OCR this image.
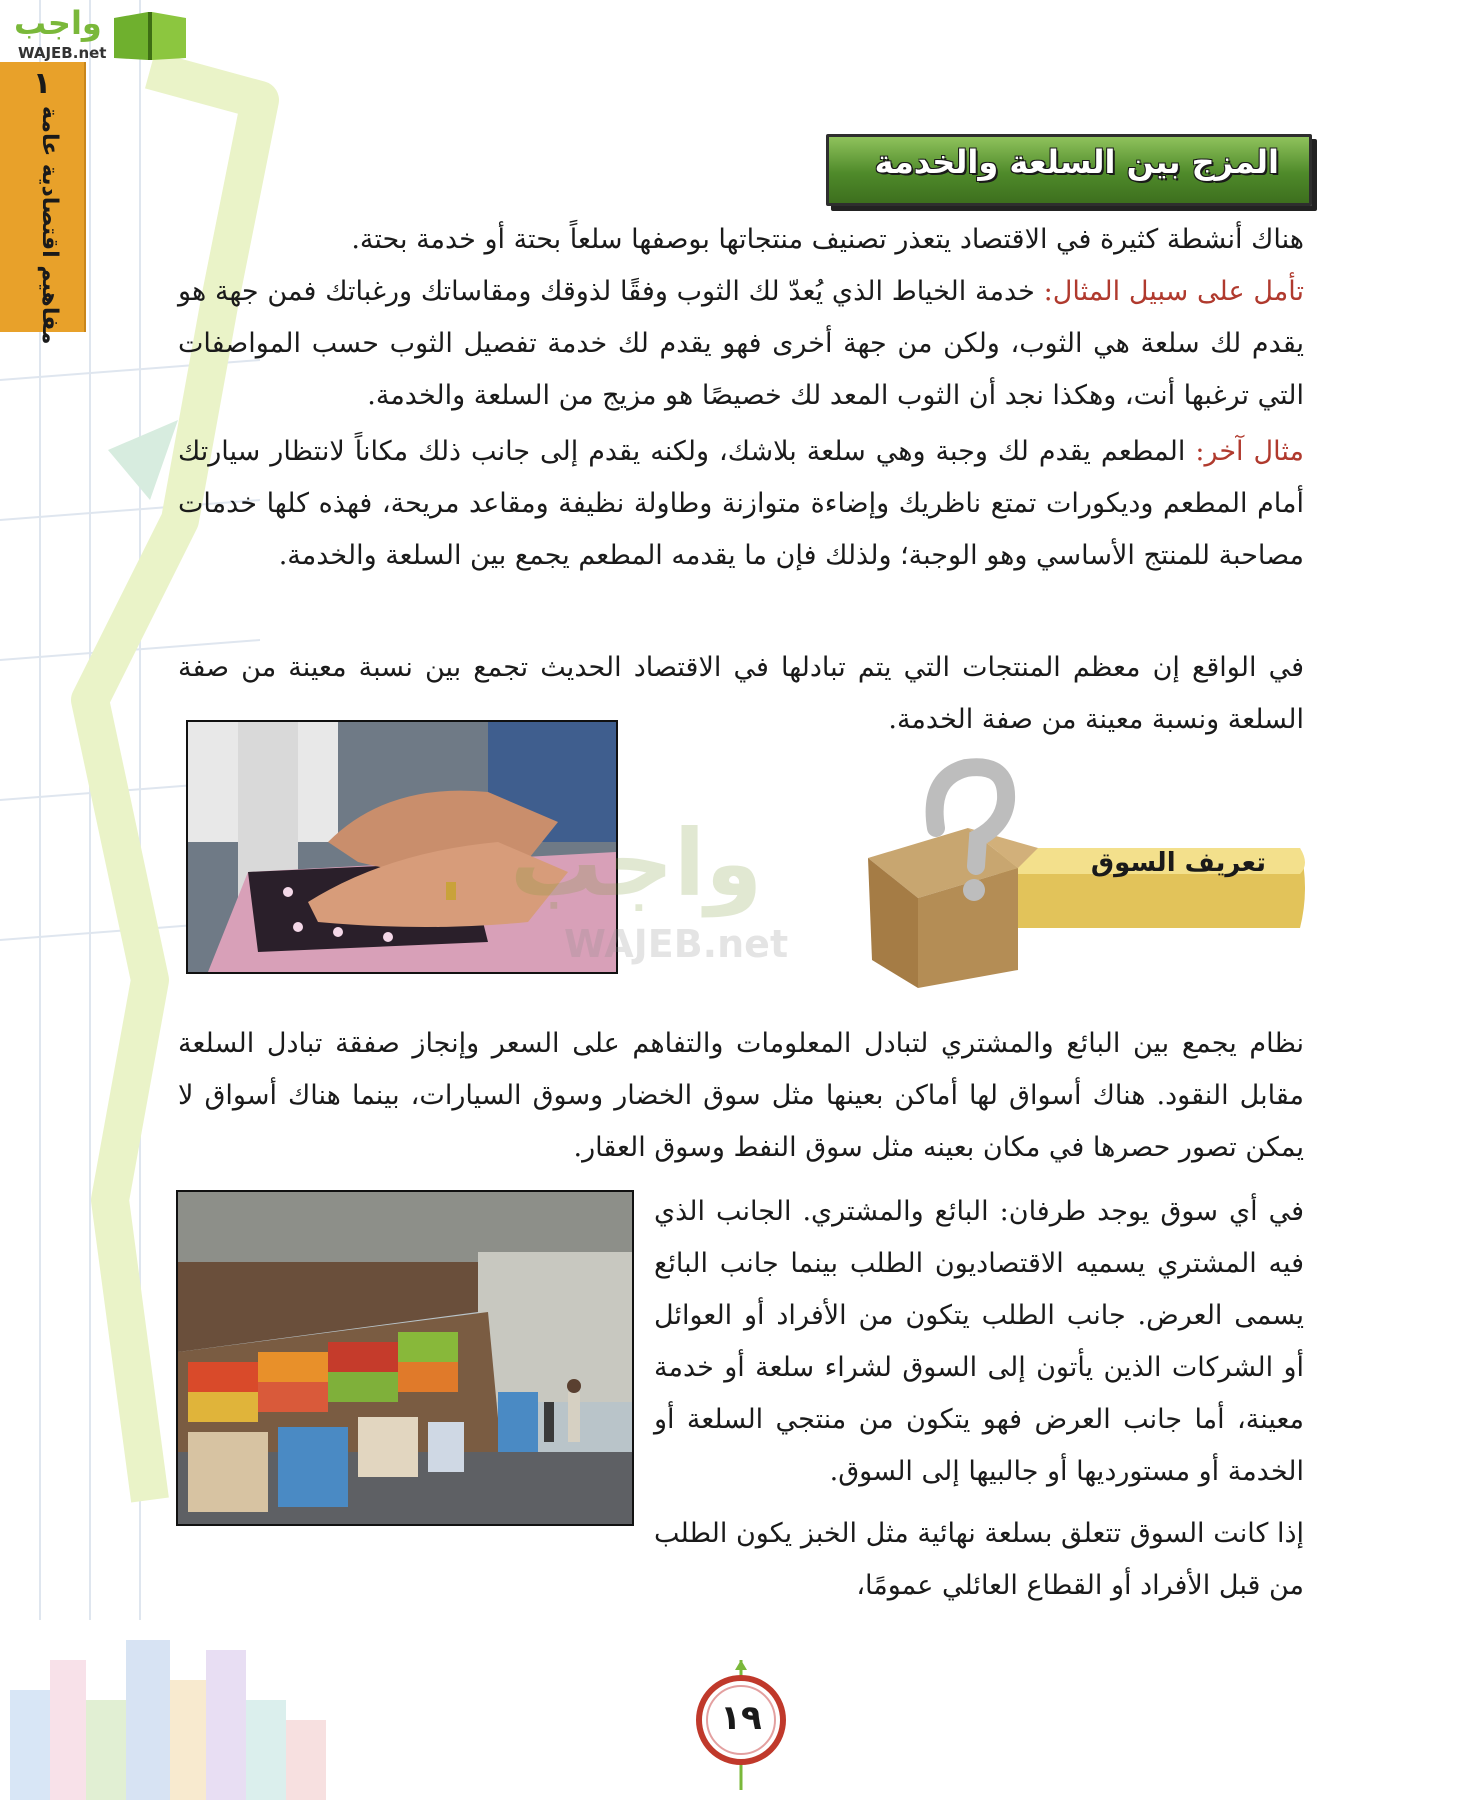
واجب
WAJEB.net
١
مفاهيم اقتصادية عامة	المزج بين السلعة والخدمة

هناك أنشطة كثيرة في الاقتصاد يتعذر تصنيف منتجاتها بوصفها سلعاً بحتة أو خدمة بحتة.

تأمل على سبيل المثال: خدمة الخياط الذي يُعدّ لك الثوب وفقًا لذوقك ومقاساتك ورغباتك فمن جهة هو يقدم لك سلعة هي الثوب، ولكن من جهة أخرى فهو يقدم لك خدمة تفصيل الثوب حسب المواصفات التي ترغبها أنت، وهكذا نجد أن الثوب المعد لك خصيصًا هو مزيج من السلعة والخدمة.

مثال آخر: المطعم يقدم لك وجبة وهي سلعة بلاشك، ولكنه يقدم إلى جانب ذلك مكاناً لانتظار سيارتك أمام المطعم وديكورات تمتع ناظريك وإضاءة متوازنة وطاولة نظيفة ومقاعد مريحة، فهذه كلها خدمات مصاحبة للمنتج الأساسي وهو الوجبة؛ ولذلك فإن ما يقدمه المطعم يجمع بين السلعة والخدمة.

في الواقع إن معظم المنتجات التي يتم تبادلها في الاقتصاد الحديث تجمع بين نسبة معينة من صفة السلعة ونسبة معينة من صفة الخدمة.

واجب
WAJEB.net
تعريف السوق

نظام يجمع بين البائع والمشتري لتبادل المعلومات والتفاهم على السعر وإنجاز صفقة تبادل السلعة مقابل النقود. هناك أسواق لها أماكن بعينها مثل سوق الخضار وسوق السيارات، بينما هناك أسواق لا يمكن تصور حصرها في مكان بعينه مثل سوق النفط وسوق العقار.

في أي سوق يوجد طرفان: البائع والمشتري. الجانب الذي فيه المشتري يسميه الاقتصاديون الطلب بينما جانب البائع يسمى العرض. جانب الطلب يتكون من الأفراد أو العوائل أو الشركات الذين يأتون إلى السوق لشراء سلعة أو خدمة معينة، أما جانب العرض فهو يتكون من منتجي السلعة أو الخدمة أو مستورديها أو جالبيها إلى السوق.

إذا كانت السوق تتعلق بسلعة نهائية مثل الخبز يكون الطلب من قبل الأفراد أو القطاع العائلي عمومًا،

١٩
